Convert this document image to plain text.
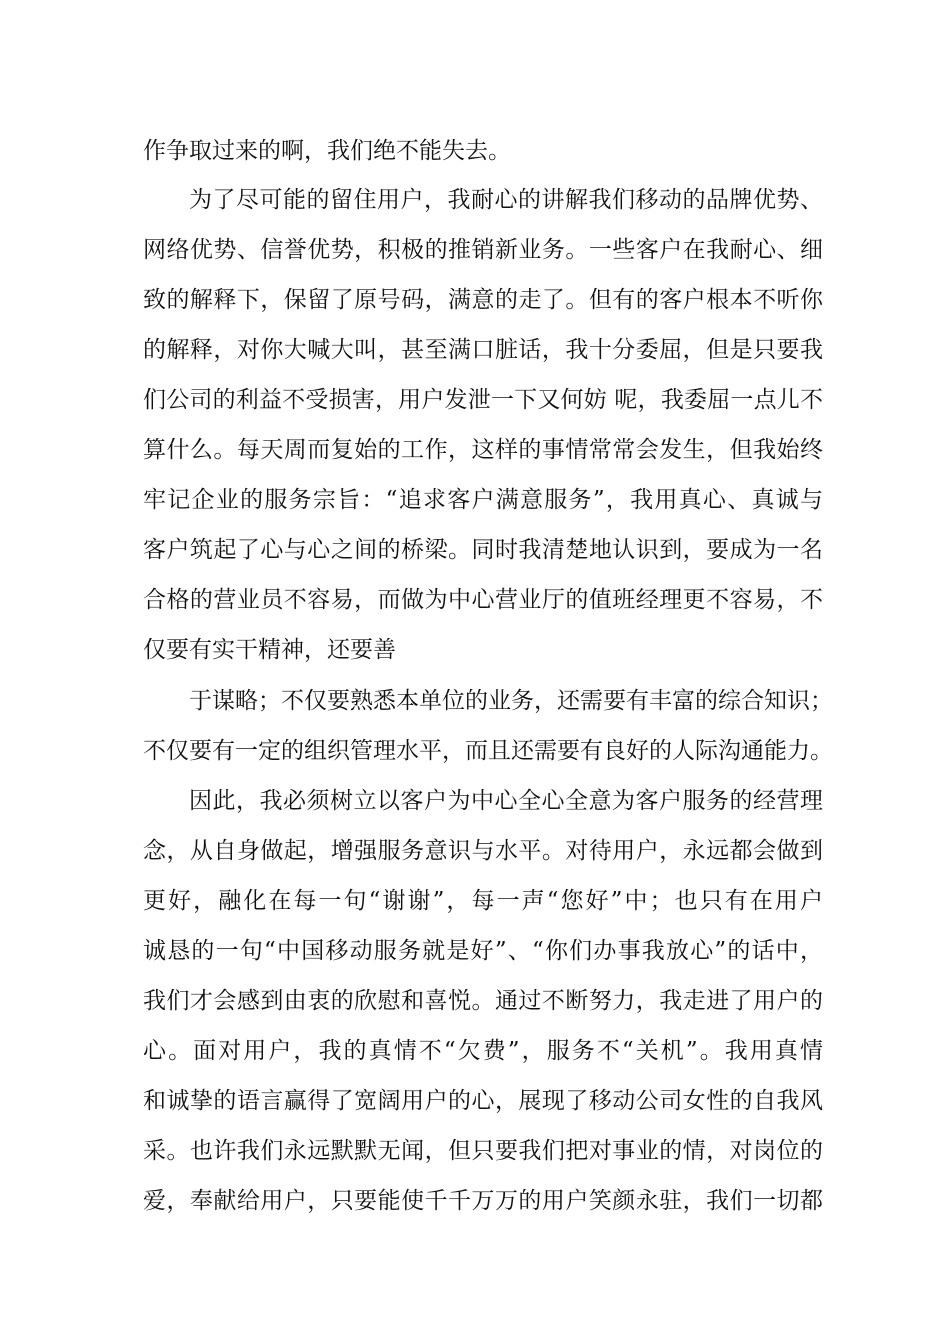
作争取过来的啊，我们绝不能失去。
为了尽可能的留住用户，我耐心的讲解我们移动的品牌优势、
网络优势、信誉优势，积极的推销新业务。一些客户在我耐心、细
致的解释下，保留了原号码，满意的走了。但有的客户根本不听你
的解释，对你大喊大叫，甚至满口脏话，我十分委屈，但是只要我
们公司的利益不受损害，用户发泄一下又何妨 呢，我委屈一点儿不
算什么。每天周而复始的工作，这样的事情常常会发生，但我始终
牢记企业的服务宗旨：“追求客户满意服务”，我用真心、真诚与
客户筑起了心与心之间的桥梁。同时我清楚地认识到，要成为一名
合格的营业员不容易，而做为中心营业厅的值班经理更不容易，不
仅要有实干精神，还要善
于谋略；不仅要熟悉本单位的业务，还需要有丰富的综合知识；
不仅要有一定的组织管理水平，而且还需要有良好的人际沟通能力。
因此，我必须树立以客户为中心全心全意为客户服务的经营理
念，从自身做起，增强服务意识与水平。对待用户，永远都会做到
更好，融化在每一句“谢谢”，每一声“您好”中；也只有在用户
诚恳的一句“中国移动服务就是好”、“你们办事我放心”的话中，
我们才会感到由衷的欣慰和喜悦。通过不断努力，我走进了用户的
心。面对用户，我的真情不“欠费”，服务不“关机”。我用真情
和诚挚的语言赢得了宽阔用户的心，展现了移动公司女性的自我风
采。也许我们永远默默无闻，但只要我们把对事业的情，对岗位的
爱，奉献给用户，只要能使千千万万的用户笑颜永驻，我们一切都
